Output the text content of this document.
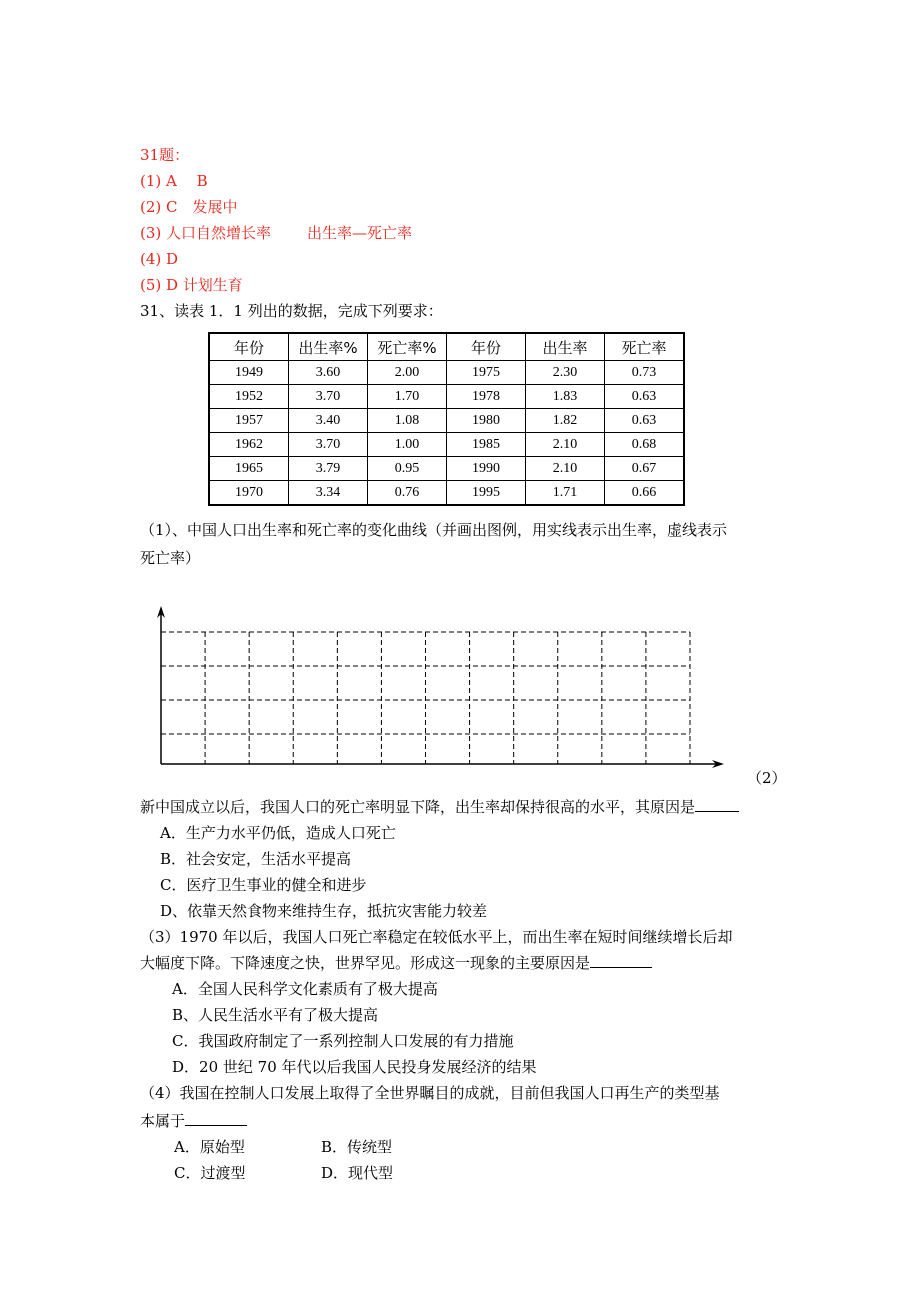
31题：
(1) A　 B
(2) C　发展中
(3) 人口自然增长率 出生率—死亡率
(4) D
(5) D 计划生育
31、读表 1．1 列出的数据，完成下列要求：
年份	出生率%	死亡率%	年份	出生率	死亡率
1949	3.60	2.00	1975	2.30	0.73
1952	3.70	1.70	1978	1.83	0.63
1957	3.40	1.08	1980	1.82	0.63
1962	3.70	1.00	1985	2.10	0.68
1965	3.79	0.95	1990	2.10	0.67
1970	3.34	0.76	1995	1.71	0.66
（1）、中国人口出生率和死亡率的变化曲线（并画出图例，用实线表示出生率，虚线表示
死亡率）
（2）
新中国成立以后，我国人口的死亡率明显下降，出生率却保持很高的水平，其原因是
A．生产力水平仍低，造成人口死亡
B．社会安定，生活水平提高
C．医疗卫生事业的健全和进步
D、依靠天然食物来维持生存，抵抗灾害能力较差
（3）1970 年以后，我国人口死亡率稳定在较低水平上，而出生率在短时间继续增长后却
大幅度下降。下降速度之快，世界罕见。形成这一现象的主要原因是
A．全国人民科学文化素质有了极大提高
B、人民生活水平有了极大提高
C．我国政府制定了一系列控制人口发展的有力措施
D．20 世纪 70 年代以后我国人民投身发展经济的结果
（4）我国在控制人口发展上取得了全世界瞩目的成就，目前但我国人口再生产的类型基
本属于
A．原始型	B．传统型
C．过渡型	D．现代型
